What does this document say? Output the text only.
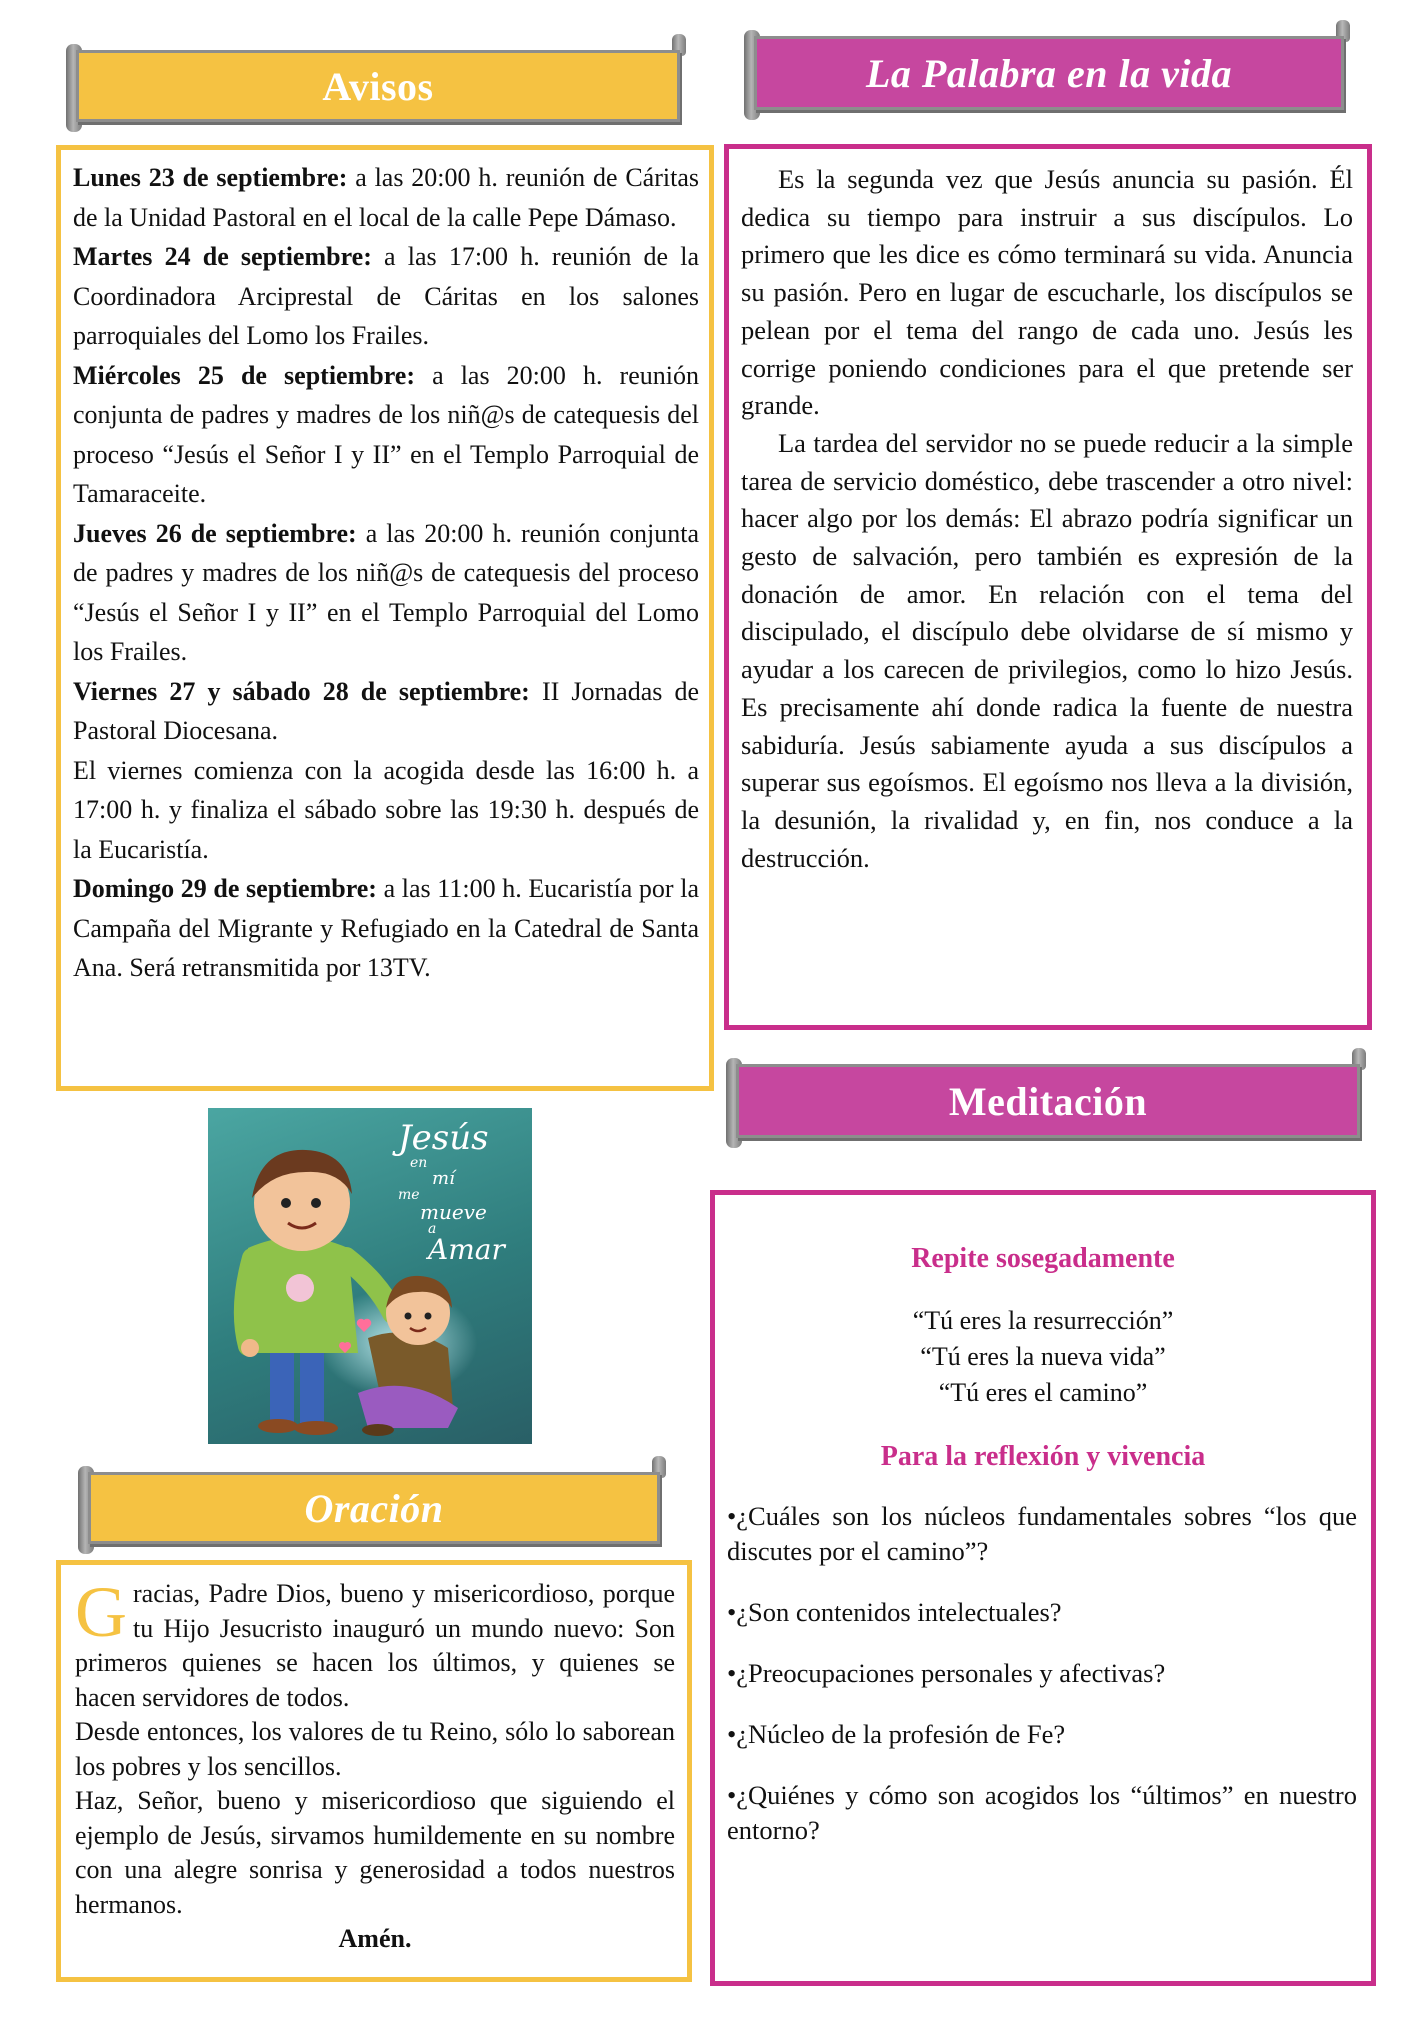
Avisos

Lunes 23 de septiembre: a las 20:00 h. reunión de Cáritas de la Unidad Pastoral en el local de la calle Pepe Dámaso.

Martes 24 de septiembre: a las 17:00 h. reunión de la Coordinadora Arciprestal de Cáritas en los salones parroquiales del Lomo los Frailes.

Miércoles 25 de septiembre: a las 20:00 h. reunión conjunta de padres y madres de los niñ@s de catequesis del proceso “Jesús el Señor I y II” en el Templo Parroquial de Tamaraceite.

Jueves 26 de septiembre: a las 20:00 h. reunión conjunta de padres y madres de los niñ@s de catequesis del proceso “Jesús el Señor I y II” en el Templo Parroquial del Lomo los Frailes.

Viernes 27 y sábado 28 de septiembre: II Jornadas de Pastoral Diocesana.

El viernes comienza con la acogida desde las 16:00 h. a 17:00 h. y finaliza el sábado sobre las 19:30 h. después de la Eucaristía.

Domingo 29 de septiembre: a las 11:00 h. Eucaristía por la Campaña del Migrante y Refugiado en la Catedral de Santa Ana. Será retransmitida por 13TV.

Jesús
en
mí
me
mueve
a
Amar
Oración

Gracias, Padre Dios, bueno y misericordioso, porque tu Hijo Jesucristo inauguró un mundo nuevo: Son primeros quienes se hacen los últimos, y quienes se hacen servidores de todos.

Desde entonces, los valores de tu Reino, sólo lo saborean los pobres y los sencillos.

Haz, Señor, bueno y misericordioso que siguiendo el ejemplo de Jesús, sirvamos humildemente en su nombre con una alegre sonrisa y generosidad a todos nuestros hermanos.

Amén.

La Palabra en la vida

Es la segunda vez que Jesús anuncia su pasión. Él dedica su tiempo para instruir a sus discípulos. Lo primero que les dice es cómo terminará su vida. Anuncia su pasión. Pero en lugar de escucharle, los discípulos se pelean por el tema del rango de cada uno. Jesús les corrige poniendo condiciones para el que pretende ser grande.

La tardea del servidor no se puede reducir a la simple tarea de servicio doméstico, debe trascender a otro nivel: hacer algo por los demás: El abrazo podría significar un gesto de salvación, pero también es expresión de la donación de amor. En relación con el tema del discipulado, el discípulo debe olvidarse de sí mismo y ayudar a los carecen de privilegios, como lo hizo Jesús. Es precisamente ahí donde radica la fuente de nuestra sabiduría. Jesús sabiamente ayuda a sus discípulos a superar sus egoísmos. El egoísmo nos lleva a la división, la desunión, la rivalidad y, en fin, nos conduce a la destrucción.

Meditación
Repite sosegadamente
“Tú eres la resurrección”
“Tú eres la nueva vida”
“Tú eres el camino”
Para la reflexión y vivencia
•¿Cuáles son los núcleos fundamentales sobres “los que discutes por el camino”?
•¿Son contenidos intelectuales?
•¿Preocupaciones personales y afectivas?
•¿Núcleo de la profesión de Fe?
•¿Quiénes y cómo son acogidos los “últimos” en nuestro entorno?
